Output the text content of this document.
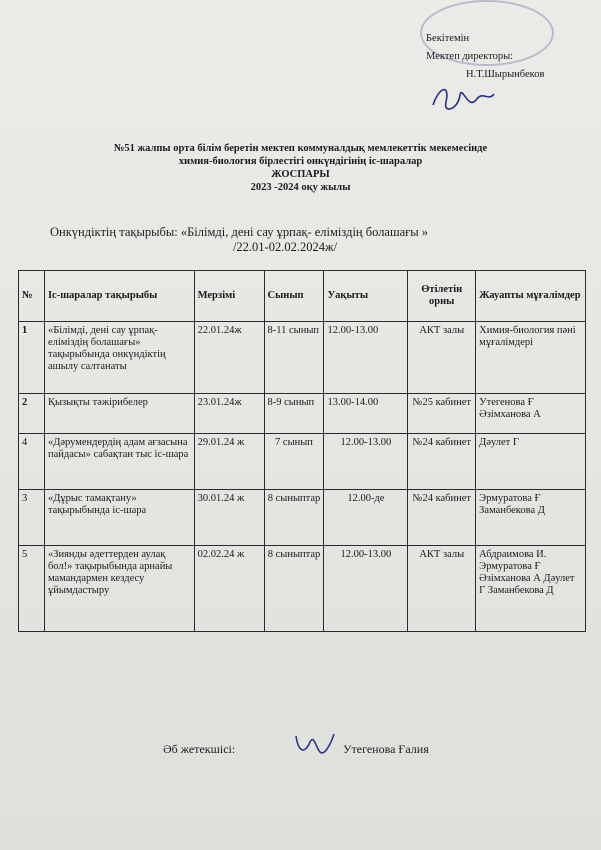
Бекітемін
Мектеп директоры:
Н.Т.Шырынбеков
№51 жалпы орта білім беретін мектеп коммуналдық мемлекеттік мекемесінде
химия-биология бірлестігі онкүндігінің іс-шаралар
ЖОСПАРЫ
2023 -2024 оқу жылы
Онкүндіктің тақырыбы: «Білімді, дені сау ұрпақ- еліміздің болашағы »
/22.01-02.02.2024ж/
№	Іс-шаралар тақырыбы	Мерзімі	Сынып	Уақыты	Өтілетін орны	Жауапты мұғалімдер
1	«Білімді, дені сау ұрпақ-еліміздің болашағы» тақырыбында онкүндіктің ашылу салтанаты	22.01.24ж	8-11 сынып	12.00-13.00	АКТ залы	Химия-биология пәні мұғалімдері
2	Қызықты тәжірибелер	23.01.24ж	8-9 сынып	13.00-14.00	№25 кабинет	Утегенова Ғ Әзімханова А
4	«Дәрумендердің адам ағзасына пайдасы» сабақтан тыс іс-шара	29.01.24 ж	7 сынып	12.00-13.00	№24 кабинет	Дәулет Г
3	«Дұрыс тамақтану» тақырыбында іс-шара	30.01.24 ж	8 сыныптар	12.00-де	№24 кабинет	Эрмуратова Ғ Заманбекова Д
5	«Зиянды әдеттерден аулақ бол!» тақырыбында арнайы мамандармен кездесу ұйымдастыру	02.02.24 ж	8 сыныптар	12.00-13.00	АКТ залы	Абдраимова И. Эрмуратова Ғ Әзімханова А Дәулет Г Заманбекова Д
Әб жетекшісі:	Утегенова Ғалия
